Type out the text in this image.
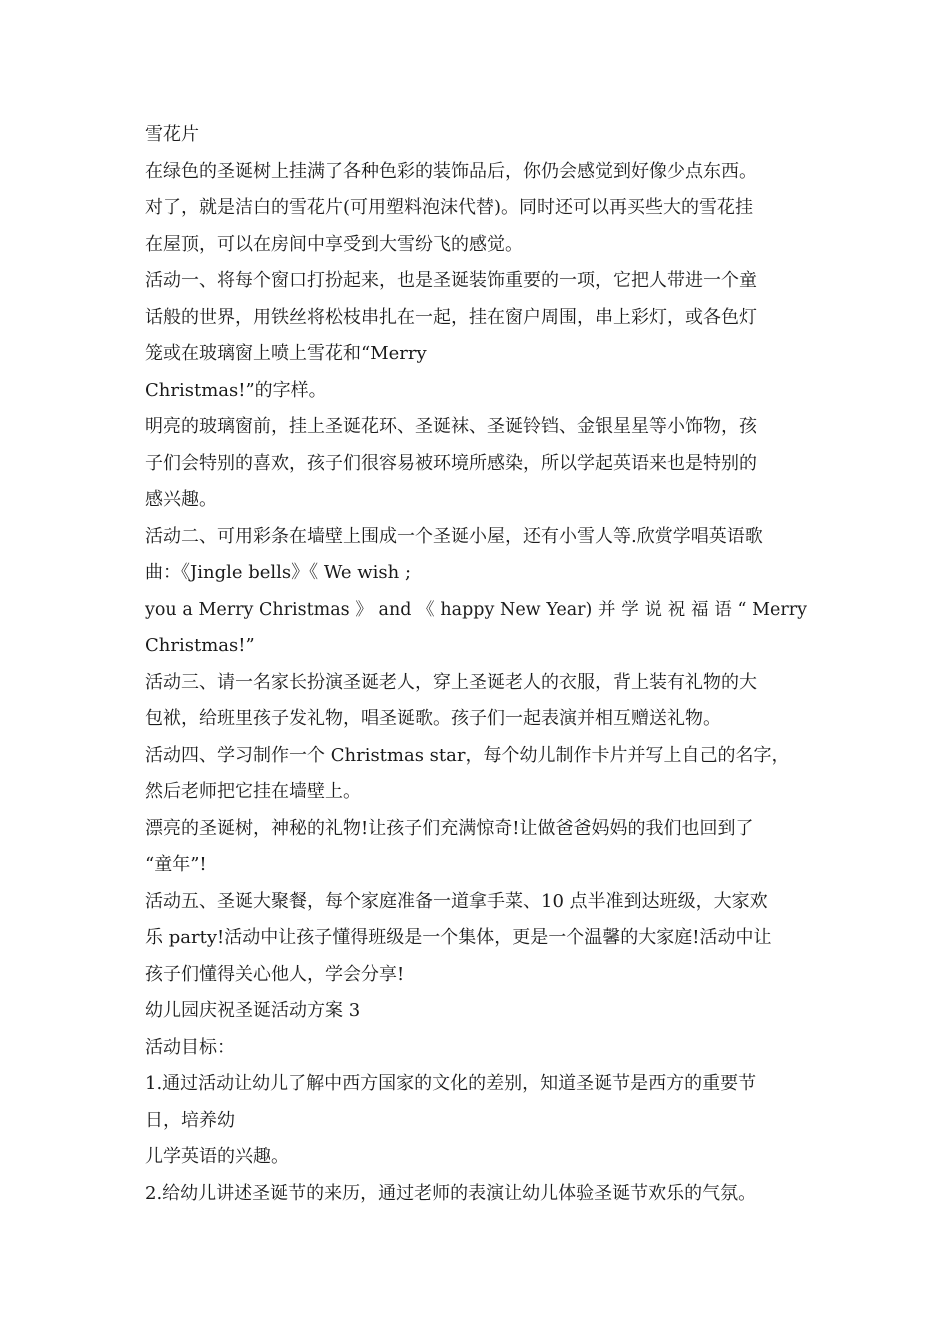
雪花片
在绿色的圣诞树上挂满了各种色彩的装饰品后，你仍会感觉到好像少点东西。
对了，就是洁白的雪花片(可用塑料泡沫代替)。同时还可以再买些大的雪花挂
在屋顶，可以在房间中享受到大雪纷飞的感觉。
活动一、将每个窗口打扮起来，也是圣诞装饰重要的一项，它把人带进一个童
话般的世界，用铁丝将松枝串扎在一起，挂在窗户周围，串上彩灯，或各色灯
笼或在玻璃窗上喷上雪花和“Merry
Christmas!”的字样。
明亮的玻璃窗前，挂上圣诞花环、圣诞袜、圣诞铃铛、金银星星等小饰物，孩
子们会特别的喜欢，孩子们很容易被环境所感染，所以学起英语来也是特别的
感兴趣。
活动二、可用彩条在墙壁上围成一个圣诞小屋，还有小雪人等.欣赏学唱英语歌
曲：《Jingle bells》《 We wish ;
you a Merry Christmas 》 and 《 happy New Year) 并 学 说 祝 福 语 “ Merry
Christmas!”
活动三、请一名家长扮演圣诞老人，穿上圣诞老人的衣服，背上装有礼物的大
包袱，给班里孩子发礼物，唱圣诞歌。孩子们一起表演并相互赠送礼物。
活动四、学习制作一个 Christmas star，每个幼儿制作卡片并写上自己的名字，
然后老师把它挂在墙壁上。
漂亮的圣诞树，神秘的礼物!让孩子们充满惊奇!让做爸爸妈妈的我们也回到了
“童年”!
活动五、圣诞大聚餐，每个家庭准备一道拿手菜、10 点半准到达班级，大家欢
乐 party!活动中让孩子懂得班级是一个集体，更是一个温馨的大家庭!活动中让
孩子们懂得关心他人，学会分享!
幼儿园庆祝圣诞活动方案 3
活动目标：
1.通过活动让幼儿了解中西方国家的文化的差别，知道圣诞节是西方的重要节
日，培养幼
儿学英语的兴趣。
2.给幼儿讲述圣诞节的来历，通过老师的表演让幼儿体验圣诞节欢乐的气氛。
